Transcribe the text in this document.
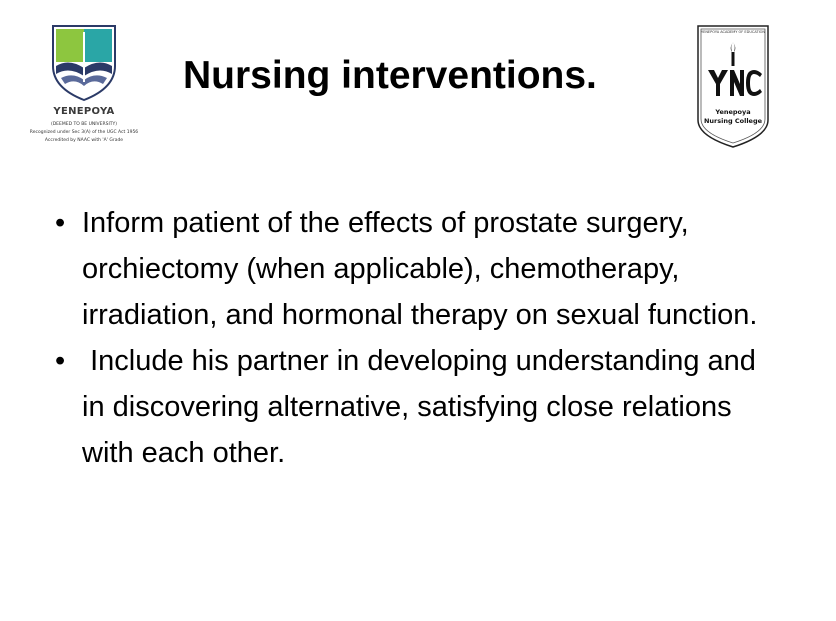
YENEPOYA
(DEEMED TO BE UNIVERSITY)
Recognized under Sec 3(A) of the UGC Act 1956
Accredited by NAAC with 'A' Grade
Nursing interventions.
YENEPOYA ACADEMY OF EDUCATION
Yenepoya
Nursing College
• Inform patient of the effects of prostate surgery, orchiectomy (when applicable), chemotherapy, irradiation, and hormonal therapy on sexual function.
• Include his partner in developing understanding and in discovering alternative, satisfying close relations with each other.
